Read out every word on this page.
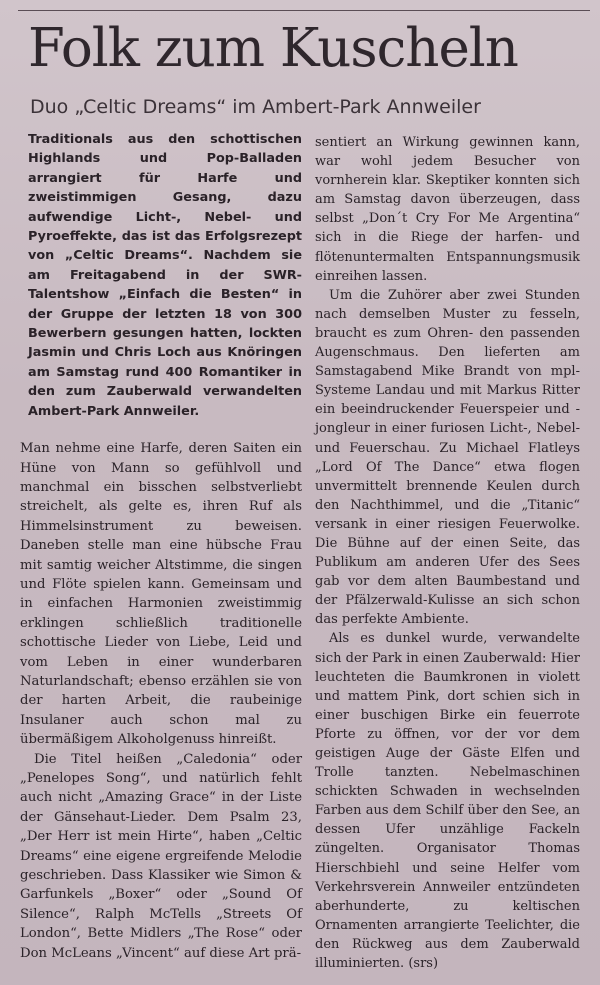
Folk zum Kuscheln
Duo „Celtic Dreams“ im Ambert-Park Annweiler

Traditionals aus den schottischen Highlands und Pop-Balladen arrangiert für Harfe und zweistimmigen Gesang, dazu aufwendige Licht-, Nebel- und Pyroeffekte, das ist das Erfolgsrezept von „Celtic Dreams“. Nachdem sie am Freitagabend in der SWR-Talentshow „Einfach die Besten“ in der Gruppe der letzten 18 von 300 Bewerbern gesungen hatten, lockten Jasmin und Chris Loch aus Knöringen am Samstag rund 400 Romantiker in den zum Zauberwald verwandelten Ambert-Park Annweiler.

Man nehme eine Harfe, deren Saiten ein Hüne von Mann so gefühlvoll und manchmal ein bisschen selbstverliebt streichelt, als gelte es, ihren Ruf als Himmelsinstrument zu beweisen. Daneben stelle man eine hübsche Frau mit samtig weicher Altstimme, die singen und Flöte spielen kann. Gemeinsam und in einfachen Harmonien zweistimmig erklingen schließlich traditionelle schottische Lieder von Liebe, Leid und vom Leben in einer wunderbaren Naturlandschaft; ebenso erzählen sie von der harten Arbeit, die raubeinige Insulaner auch schon mal zu übermäßigem Alkoholgenuss hinreißt.

Die Titel heißen „Caledonia“ oder „Penelopes Song“, und natürlich fehlt auch nicht „Amazing Grace“ in der Liste der Gänsehaut-Lieder. Dem Psalm 23, „Der Herr ist mein Hirte“, haben „Celtic Dreams“ eine eigene ergreifende Melodie geschrieben. Dass Klassiker wie Simon & Garfunkels „Boxer“ oder „Sound Of Silence“, Ralph McTells „Streets Of London“, Bette Midlers „The Rose“ oder Don McLeans „Vincent“ auf diese Art prä-

sentiert an Wirkung gewinnen kann, war wohl jedem Besucher von vornherein klar. Skeptiker konnten sich am Samstag davon überzeugen, dass selbst „Don´t Cry For Me Argentina“ sich in die Riege der harfen- und flötenuntermalten Entspannungsmusik einreihen lassen.

Um die Zuhörer aber zwei Stunden nach demselben Muster zu fesseln, braucht es zum Ohren- den passenden Augenschmaus. Den lieferten am Samstagabend Mike Brandt von mpl-Systeme Landau und mit Markus Ritter ein beeindruckender Feuerspeier und -jongleur in einer furiosen Licht-, Nebel- und Feuerschau. Zu Michael Flatleys „Lord Of The Dance“ etwa flogen unvermittelt brennende Keulen durch den Nachthimmel, und die „Titanic“ versank in einer riesigen Feuerwolke. Die Bühne auf der einen Seite, das Publikum am anderen Ufer des Sees gab vor dem alten Baumbestand und der Pfälzerwald-Kulisse an sich schon das perfekte Ambiente.

Als es dunkel wurde, verwandelte sich der Park in einen Zauberwald: Hier leuchteten die Baumkronen in violett und mattem Pink, dort schien sich in einer buschigen Birke ein feuerrote Pforte zu öffnen, vor der vor dem geistigen Auge der Gäste Elfen und Trolle tanzten. Nebelmaschinen schickten Schwaden in wechselnden Farben aus dem Schilf über den See, an dessen Ufer unzählige Fackeln züngelten. Organisator Thomas Hierschbiehl und seine Helfer vom Verkehrsverein Annweiler entzündeten aberhunderte, zu keltischen Ornamenten arrangierte Teelichter, die den Rückweg aus dem Zauberwald illuminierten. (srs)
